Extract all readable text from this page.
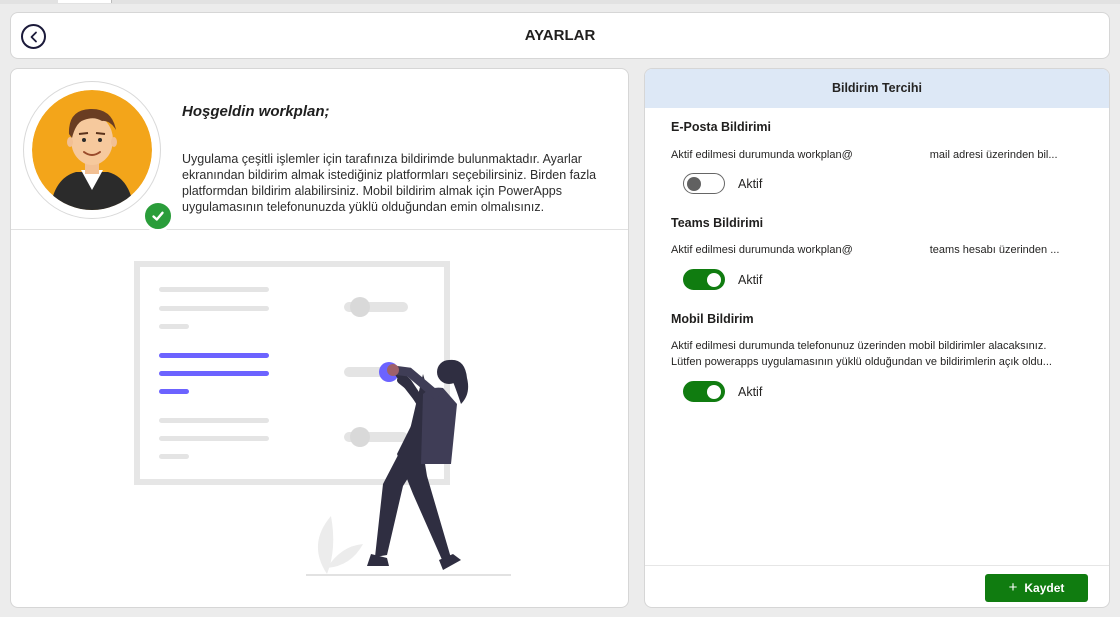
AYARLAR
Hoşgeldin workplan;
Uygulama çeşitli işlemler için tarafınıza bildirimde bulunmaktadır. Ayarlar ekranından bildirim almak istediğiniz platformları seçebilirsiniz. Birden fazla platformdan bildirim alabilirsiniz. Mobil bildirim almak için PowerApps uygulamasının telefonunuzda yüklü olduğundan emin olmalısınız.
Bildirim Tercihi
E-Posta Bildirimi
Aktif edilmesi durumunda workplan@	mail adresi üzerinden bil...
Aktif
Teams Bildirimi
Aktif edilmesi durumunda workplan@	teams hesabı üzerinden ...
Aktif
Mobil Bildirim
Aktif edilmesi durumunda telefonunuz üzerinden mobil bildirimler alacaksınız.
Lütfen powerapps uygulamasının yüklü olduğundan ve bildirimlerin açık oldu...
Aktif
+ Kaydet
